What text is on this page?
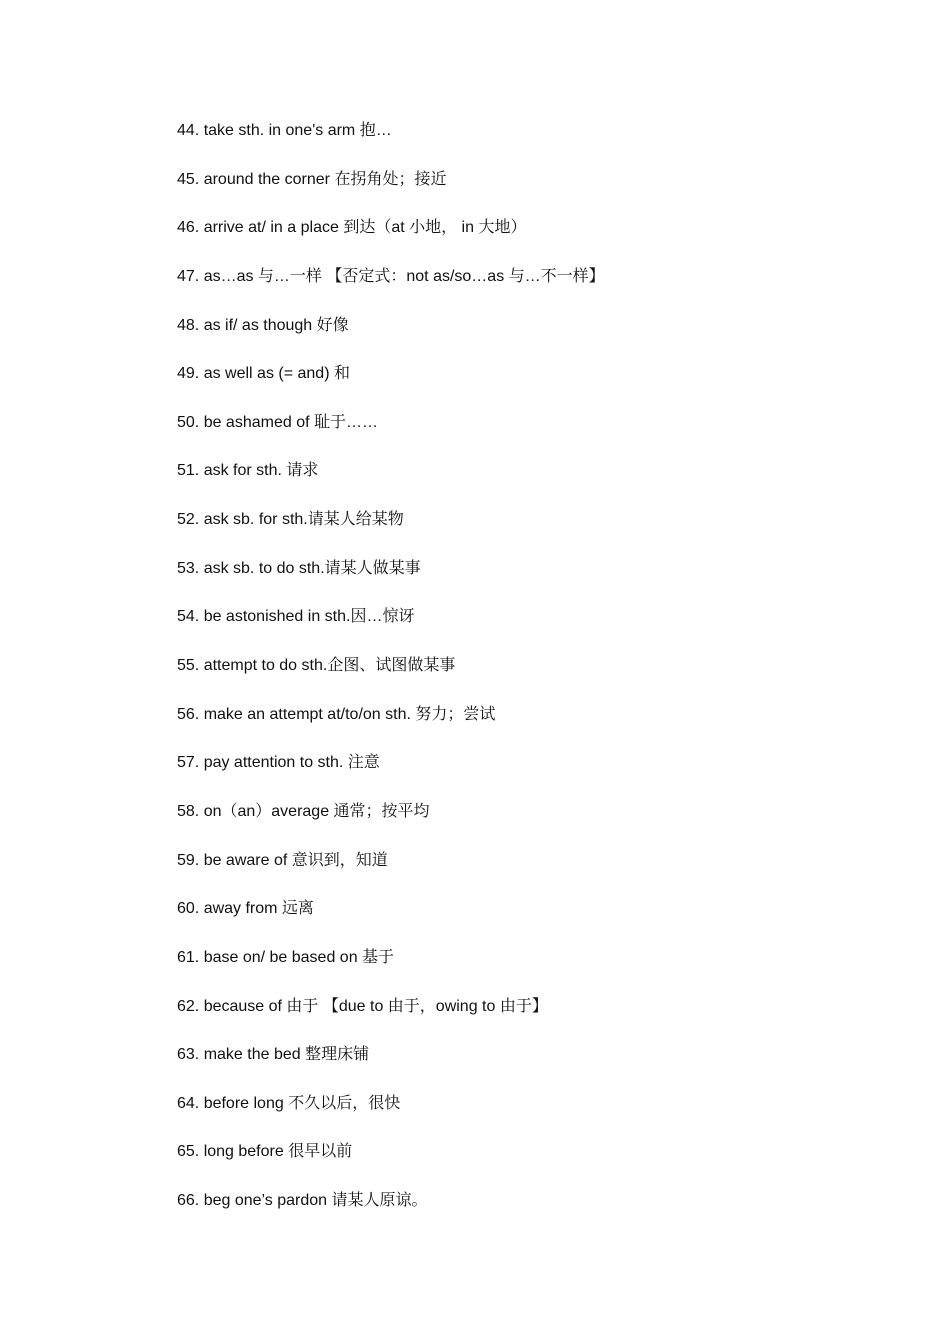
44. take sth. in one's arm 抱…
45. around the corner 在拐角处；接近
46. arrive at/ in a place 到达（at 小地， in 大地）
47. as…as 与…一样 【否定式：not as/so…as 与…不一样】
48. as if/ as though 好像
49. as well as (= and) 和
50. be ashamed of 耻于……
51. ask for sth. 请求
52. ask sb. for sth.请某人给某物
53. ask sb. to do sth.请某人做某事
54. be astonished in sth.因…惊讶
55. attempt to do sth.企图、试图做某事
56. make an attempt at/to/on sth. 努力；尝试
57. pay attention to sth. 注意
58. on（an）average 通常；按平均
59. be aware of 意识到，知道
60. away from 远离
61. base on/ be based on 基于
62. because of 由于 【due to 由于，owing to 由于】
63. make the bed 整理床铺
64. before long 不久以后，很快
65. long before 很早以前
66. beg one’s pardon 请某人原谅。
